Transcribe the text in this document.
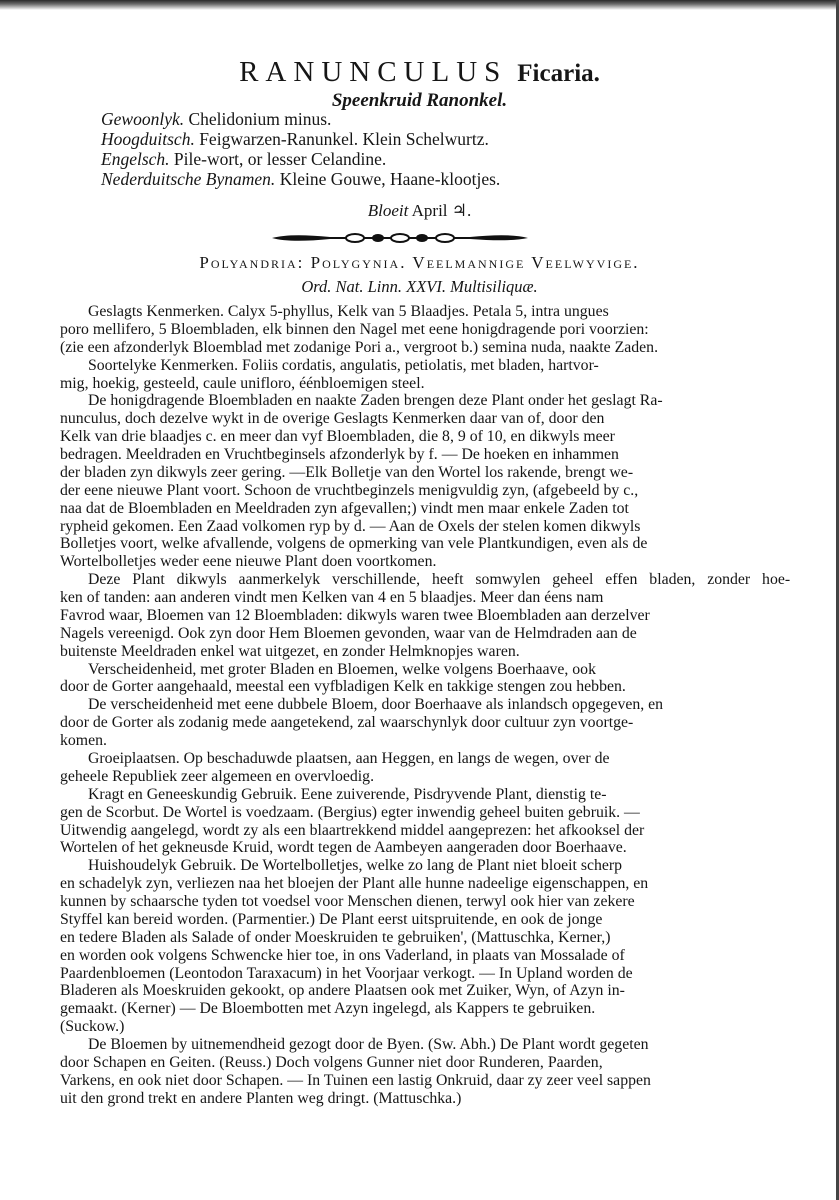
RANUNCULUS Ficaria.
Speenkruid Ranonkel.
Gewoonlyk. Chelidonium minus.
Hoogduitsch. Feigwarzen-Ranunkel. Klein Schelwurtz.
Engelsch. Pile-wort, or lesser Celandine.
Nederduitsche Bynamen. Kleine Gouwe, Haane-klootjes.
Bloeit April ♃.
Polyandria: Polygynia. Veelmannige Veelwyvige.
Ord. Nat. Linn. XXVI. Multisiliquæ.
Geslagts Kenmerken. Calyx 5-phyllus, Kelk van 5 Blaadjes. Petala 5, intra ungues
poro mellifero, 5 Bloembladen, elk binnen den Nagel met eene honigdragende pori voorzien:
(zie een afzonderlyk Bloemblad met zodanige Pori a., vergroot b.) semina nuda, naakte Zaden.
Soortelyke Kenmerken. Foliis cordatis, angulatis, petiolatis, met bladen, hartvor-
mig, hoekig, gesteeld, caule unifloro, éénbloemigen steel.
De honigdragende Bloembladen en naakte Zaden brengen deze Plant onder het geslagt Ra-
nunculus, doch dezelve wykt in de overige Geslagts Kenmerken daar van of, door den
Kelk van drie blaadjes c. en meer dan vyf Bloembladen, die 8, 9 of 10, en dikwyls meer
bedragen. Meeldraden en Vruchtbeginsels afzonderlyk by f. — De hoeken en inhammen
der bladen zyn dikwyls zeer gering. —Elk Bolletje van den Wortel los rakende, brengt we-
der eene nieuwe Plant voort. Schoon de vruchtbeginzels menigvuldig zyn, (afgebeeld by c.,
naa dat de Bloembladen en Meeldraden zyn afgevallen;) vindt men maar enkele Zaden tot
rypheid gekomen. Een Zaad volkomen ryp by d. — Aan de Oxels der stelen komen dikwyls
Bolletjes voort, welke afvallende, volgens de opmerking van vele Plantkundigen, even als de
Wortelbolletjes weder eene nieuwe Plant doen voortkomen.
Deze Plant dikwyls aanmerkelyk verschillende, heeft somwylen geheel effen bladen, zonder hoe-
ken of tanden: aan anderen vindt men Kelken van 4 en 5 blaadjes. Meer dan éens nam
Favrod waar, Bloemen van 12 Bloembladen: dikwyls waren twee Bloembladen aan derzelver
Nagels vereenigd. Ook zyn door Hem Bloemen gevonden, waar van de Helmdraden aan de
buitenste Meeldraden enkel wat uitgezet, en zonder Helmknopjes waren.
Verscheidenheid, met groter Bladen en Bloemen, welke volgens Boerhaave, ook
door de Gorter aangehaald, meestal een vyfbladigen Kelk en takkige stengen zou hebben.
De verscheidenheid met eene dubbele Bloem, door Boerhaave als inlandsch opgegeven, en
door de Gorter als zodanig mede aangetekend, zal waarschynlyk door cultuur zyn voortge-
komen.
Groeiplaatsen. Op beschaduwde plaatsen, aan Heggen, en langs de wegen, over de
geheele Republiek zeer algemeen en overvloedig.
Kragt en Geneeskundig Gebruik. Eene zuiverende, Pisdryvende Plant, dienstig te-
gen de Scorbut. De Wortel is voedzaam. (Bergius) egter inwendig geheel buiten gebruik. —
Uitwendig aangelegd, wordt zy als een blaartrekkend middel aangeprezen: het afkooksel der
Wortelen of het gekneusde Kruid, wordt tegen de Aambeyen aangeraden door Boerhaave.
Huishoudelyk Gebruik. De Wortelbolletjes, welke zo lang de Plant niet bloeit scherp
en schadelyk zyn, verliezen naa het bloejen der Plant alle hunne nadeelige eigenschappen, en
kunnen by schaarsche tyden tot voedsel voor Menschen dienen, terwyl ook hier van zekere
Styffel kan bereid worden. (Parmentier.) De Plant eerst uitspruitende, en ook de jonge
en tedere Bladen als Salade of onder Moeskruiden te gebruiken', (Mattuschka, Kerner,)
en worden ook volgens Schwencke hier toe, in ons Vaderland, in plaats van Mossalade of
Paardenbloemen (Leontodon Taraxacum) in het Voorjaar verkogt. — In Upland worden de
Bladeren als Moeskruiden gekookt, op andere Plaatsen ook met Zuiker, Wyn, of Azyn in-
gemaakt. (Kerner) — De Bloembotten met Azyn ingelegd, als Kappers te gebruiken.
(Suckow.)
De Bloemen by uitnemendheid gezogt door de Byen. (Sw. Abh.) De Plant wordt gegeten
door Schapen en Geiten. (Reuss.) Doch volgens Gunner niet door Runderen, Paarden,
Varkens, en ook niet door Schapen. — In Tuinen een lastig Onkruid, daar zy zeer veel sappen
uit den grond trekt en andere Planten weg dringt. (Mattuschka.)
